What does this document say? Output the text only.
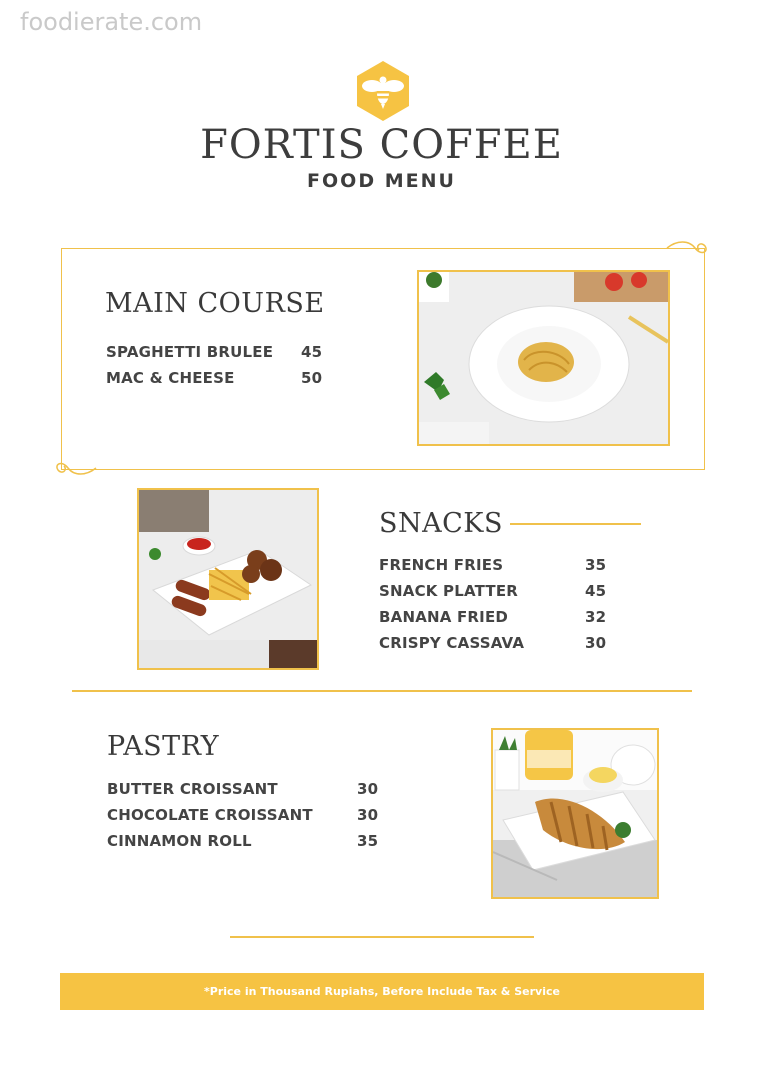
foodierate.com
FORTIS COFFEE
FOOD MENU
MAIN COURSE
SPAGHETTI BRULEE 45
MAC & CHEESE	50
SNACKS
FRENCH FRIES	35
SNACK PLATTER	45
BANANA FRIED	32
CRISPY CASSAVA	30
PASTRY
BUTTER CROISSANT	30
CHOCOLATE CROISSANT	30
CINNAMON ROLL	35
*Price in Thousand Rupiahs, Before Include Tax & Service
